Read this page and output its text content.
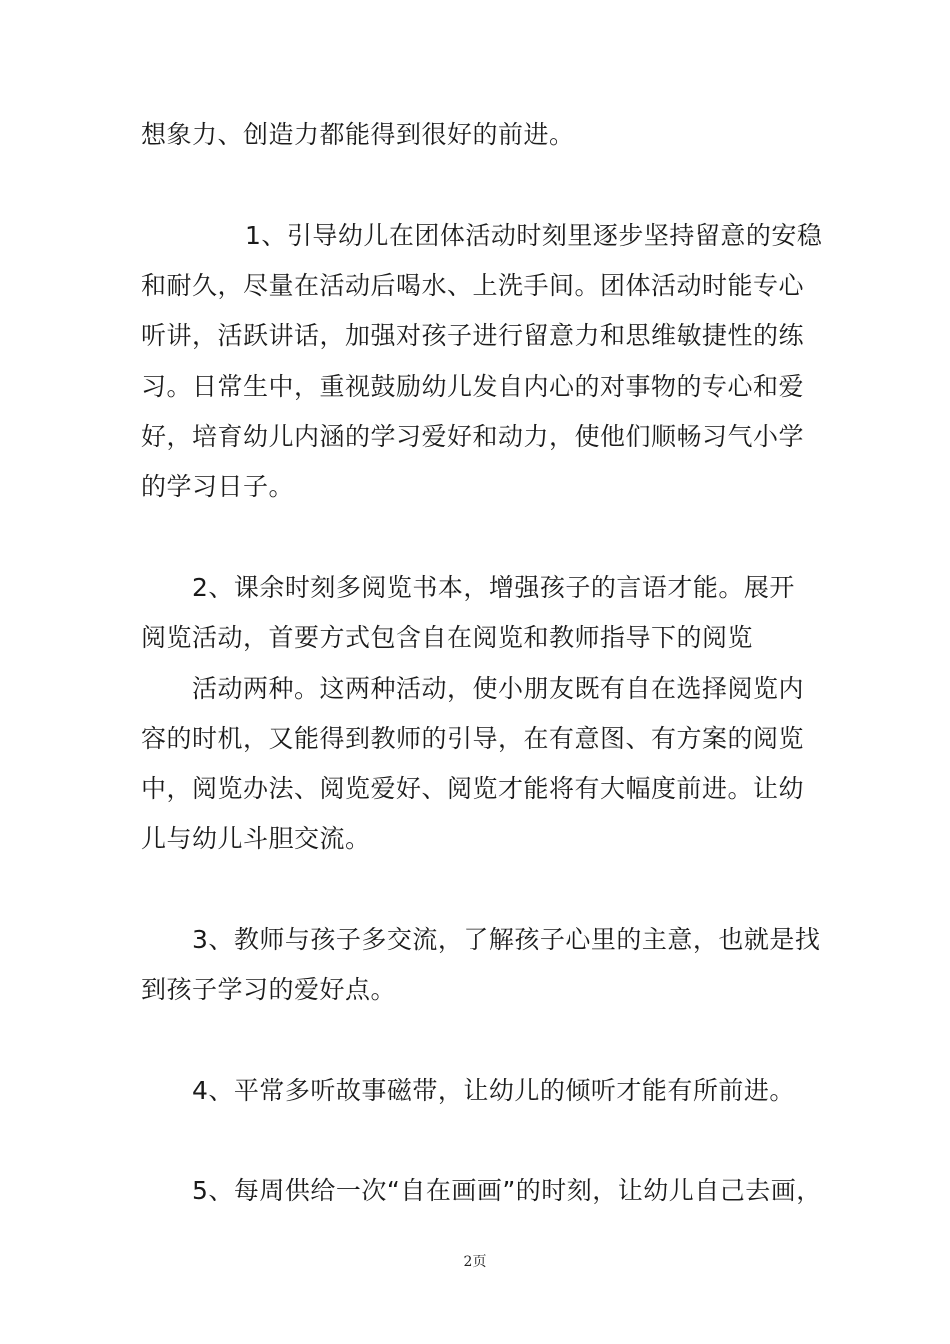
想象力、创造力都能得到很好的前进。
1、引导幼儿在团体活动时刻里逐步坚持留意的安稳
和耐久，尽量在活动后喝水、上洗手间。团体活动时能专心
听讲，活跃讲话，加强对孩子进行留意力和思维敏捷性的练
习。日常生中，重视鼓励幼儿发自内心的对事物的专心和爱
好，培育幼儿内涵的学习爱好和动力，使他们顺畅习气小学
的学习日子。
2、课余时刻多阅览书本，增强孩子的言语才能。展开
阅览活动，首要方式包含自在阅览和教师指导下的阅览
活动两种。这两种活动，使小朋友既有自在选择阅览内
容的时机，又能得到教师的引导，在有意图、有方案的阅览
中，阅览办法、阅览爱好、阅览才能将有大幅度前进。让幼
儿与幼儿斗胆交流。
3、教师与孩子多交流，了解孩子心里的主意，也就是找
到孩子学习的爱好点。
4、平常多听故事磁带，让幼儿的倾听才能有所前进。
5、每周供给一次“自在画画”的时刻，让幼儿自己去画，
2页
